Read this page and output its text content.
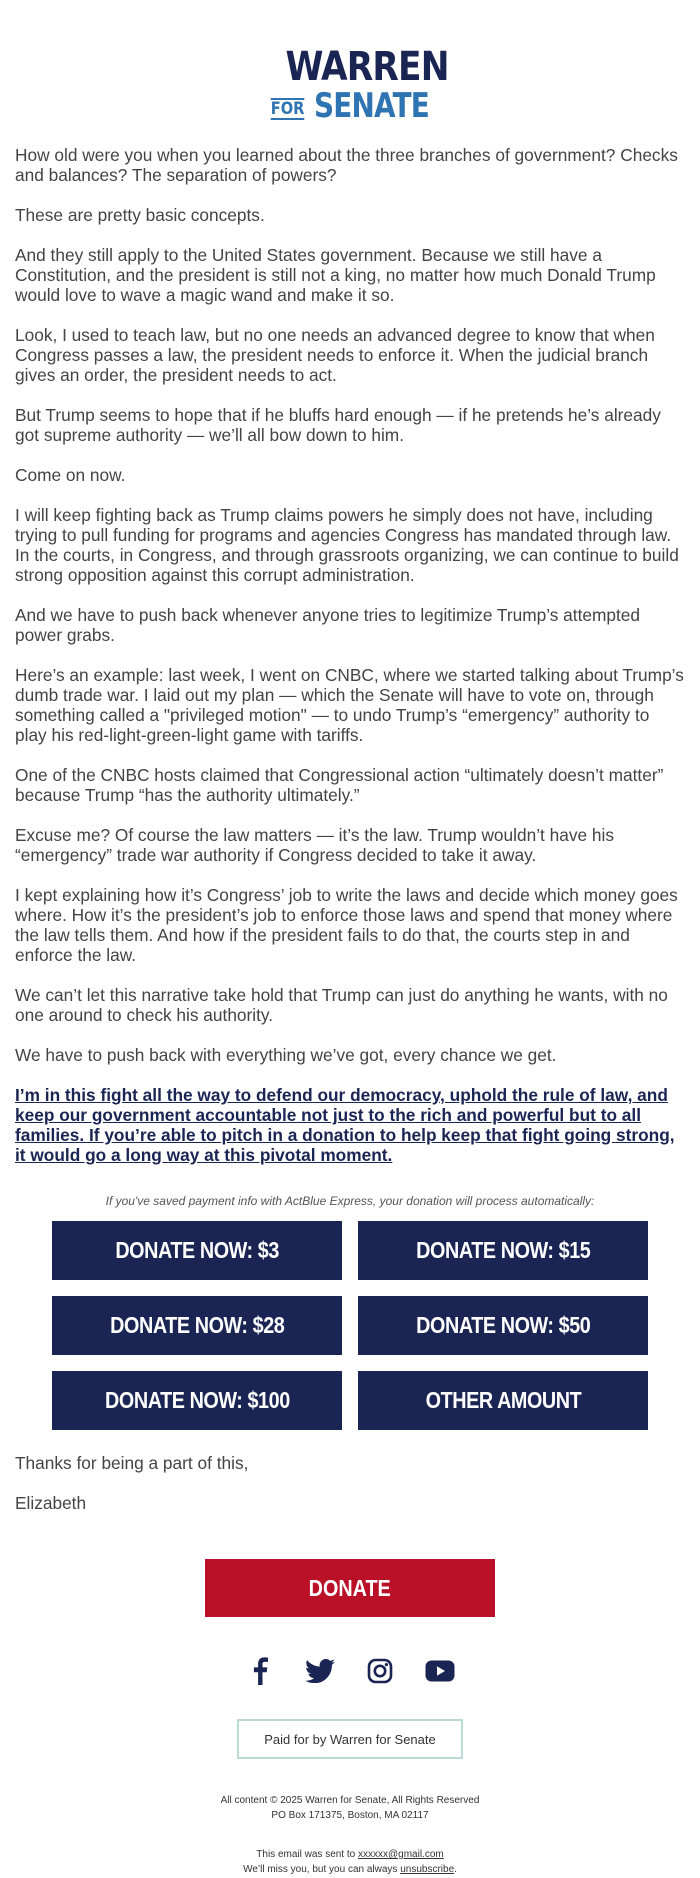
WARREN
FOR SENATE

How old were you when you learned about the three branches of government? Checks and balances? The separation of powers?

These are pretty basic concepts.

And they still apply to the United States government. Because we still have a Constitution, and the president is still not a king, no matter how much Donald Trump would love to wave a magic wand and make it so.

Look, I used to teach law, but no one needs an advanced degree to know that when Congress passes a law, the president needs to enforce it. When the judicial branch gives an order, the president needs to act.

But Trump seems to hope that if he bluffs hard enough — if he pretends he’s already got supreme authority — we’ll all bow down to him.

Come on now.

I will keep fighting back as Trump claims powers he simply does not have, including trying to pull funding for programs and agencies Congress has mandated through law. In the courts, in Congress, and through grassroots organizing, we can continue to build strong opposition against this corrupt administration.

And we have to push back whenever anyone tries to legitimize Trump’s attempted power grabs.

Here’s an example: last week, I went on CNBC, where we started talking about Trump’s dumb trade war. I laid out my plan — which the Senate will have to vote on, through something called a "privileged motion" — to undo Trump’s “emergency” authority to play his red-light-green-light game with tariffs.

One of the CNBC hosts claimed that Congressional action “ultimately doesn’t matter” because Trump “has the authority ultimately.”

Excuse me? Of course the law matters — it’s the law. Trump wouldn’t have his “emergency” trade war authority if Congress decided to take it away.

I kept explaining how it’s Congress’ job to write the laws and decide which money goes where. How it’s the president’s job to enforce those laws and spend that money where the law tells them. And how if the president fails to do that, the courts step in and enforce the law.

We can’t let this narrative take hold that Trump can just do anything he wants, with no one around to check his authority.

We have to push back with everything we’ve got, every chance we get.

I’m in this fight all the way to defend our democracy, uphold the rule of law, and keep our government accountable not just to the rich and powerful but to all families. If you’re able to pitch in a donation to help keep that fight going strong, it would go a long way at this pivotal moment.

If you've saved payment info with ActBlue Express, your donation will process automatically:
DONATE NOW: $3	DONATE NOW: $15
DONATE NOW: $28	DONATE NOW: $50
DONATE NOW: $100	OTHER AMOUNT

Thanks for being a part of this,

Elizabeth

DONATE
Paid for by Warren for Senate
All content © 2025 Warren for Senate, All Rights Reserved
PO Box 171375, Boston, MA 02117
This email was sent to xxxxxx@gmail.com
We’ll miss you, but you can always unsubscribe.
